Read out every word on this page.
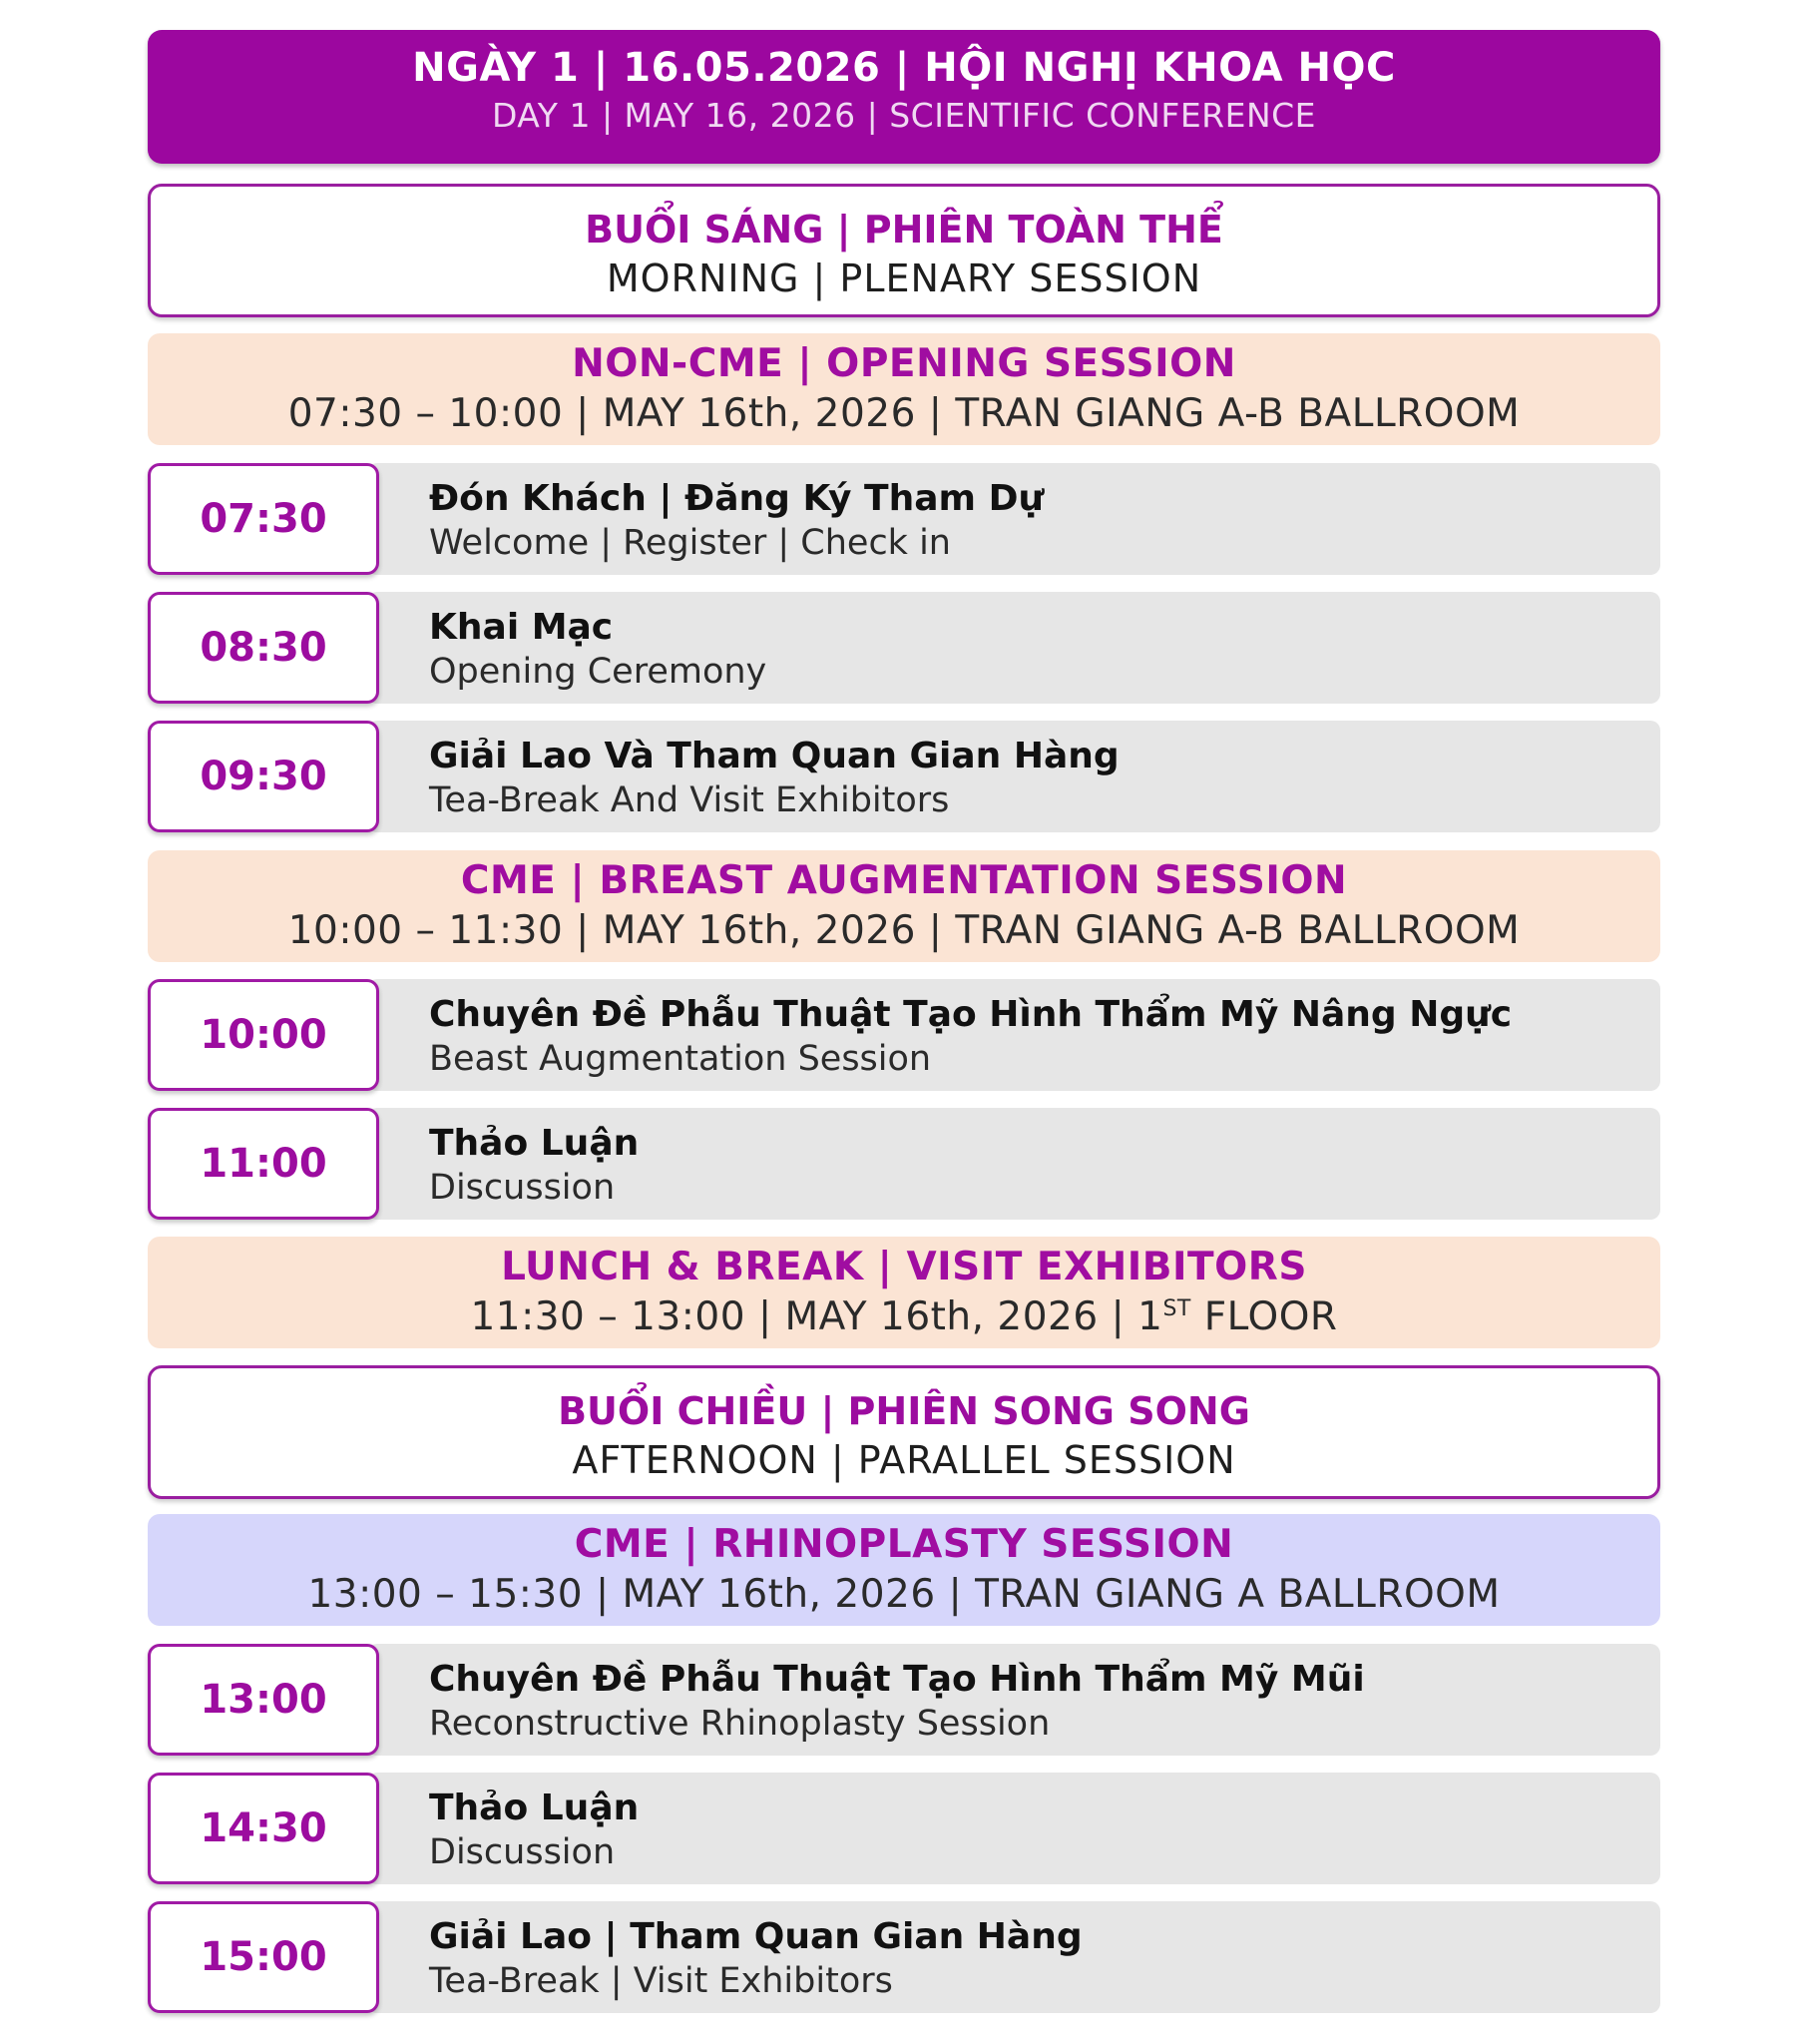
NGÀY 1 | 16.05.2026 | HỘI NGHỊ KHOA HỌC
DAY 1 | MAY 16, 2026 | SCIENTIFIC CONFERENCE
BUỔI SÁNG | PHIÊN TOÀN THỂ
MORNING | PLENARY SESSION
NON-CME | OPENING SESSION
07:30 – 10:00 | MAY 16th, 2026 | TRAN GIANG A-B BALLROOM
07:30	Đón Khách | Đăng Ký Tham Dự
Welcome | Register | Check in
08:30	Khai Mạc
Opening Ceremony
09:30	Giải Lao Và Tham Quan Gian Hàng
Tea-Break And Visit Exhibitors
CME | BREAST AUGMENTATION SESSION
10:00 – 11:30 | MAY 16th, 2026 | TRAN GIANG A-B BALLROOM
10:00	Chuyên Đề Phẫu Thuật Tạo Hình Thẩm Mỹ Nâng Ngực
Beast Augmentation Session
11:00	Thảo Luận
Discussion
LUNCH & BREAK | VISIT EXHIBITORS
11:30 – 13:00 | MAY 16th, 2026 | 1ST FLOOR
BUỔI CHIỀU | PHIÊN SONG SONG
AFTERNOON | PARALLEL SESSION
CME | RHINOPLASTY SESSION
13:00 – 15:30 | MAY 16th, 2026 | TRAN GIANG A BALLROOM
13:00	Chuyên Đề Phẫu Thuật Tạo Hình Thẩm Mỹ Mũi
Reconstructive Rhinoplasty Session
14:30	Thảo Luận
Discussion
15:00	Giải Lao | Tham Quan Gian Hàng
Tea-Break | Visit Exhibitors
